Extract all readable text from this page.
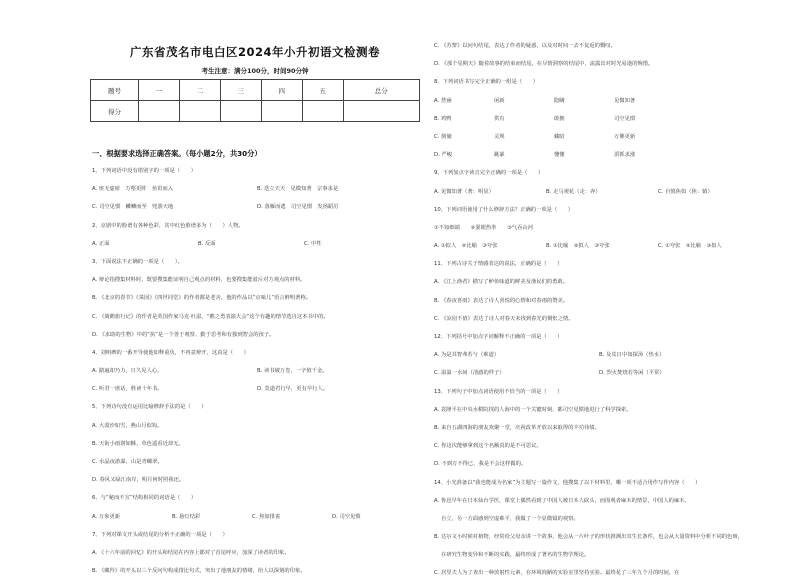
广东省茂名市电白区2024年小升初语文检测卷
考生注意：满分100分，时间90分钟
题号	一	二	三	四	五	总分
得分						
一、根据要求选择正确答案。（每小题2分，共30分）
1、下列词语中没有错别字的一项是（　　）
A. 座无虚席　万壑更阵　鱼贯而入	B. 迭立天天　见微知著　宗事求是
C. 司空见惯　鳞鳞而至　兜游天地	D. 落雁而逃　司空见惯　发扬蹈厉
2、京剧中的脸谱有各种色彩，其中红色脸谱多为（　　）人物。
A. 正面	B. 反面	C. 中性
3、下面说法不正确的一项是（　　）。
A. 辩论指搜集材料时，既要搜集能证明自己观点的材料，也要搜集能驳斥对方观点的材料。
B. 《北京的春节》《菜园》《四世同堂》的作者都是老舍，他的作品以“京味儿”语言鲜明著称。
C. 《骑鹅旅行记》的作者是英国作家马克·吐温，“鹅之勇表演大会”这个有趣的情节选自这本书中的。
D. 《求助的生物》中的“执”是一个善于观察、勤于思考和有独到智会的孩子。
4、刘明碑的一番开导使他如释重负，不再意辩开，这真是（　　）
A. 踏遍却乃力，日久见人心。	B. 读书破万卷，一字值千金。
C. 听君一席话，胜读十年书。	D. 莫道君行早，更有早行人。
5、下列诗句没有运用比喻修辞手法的是（　　）
A. 大漠沙如雪，燕山月似钩。
B. 天街小雨润如酥，草色遥看近却无。
C. 水晶夜游瀑，山是青螺翠。
D. 春风又绿江南岸，明月何时照我还。
6、与“秘而不宣”结构相同的词语是（　　）
A. 万象更新	B. 悬灯结彩	C. 焦如排雀	D. 司空见惯
7、下列对课文开头或结尾的分析不正确的一项是（　　）
A. 《十六年前的回忆》的开头和结尾在内容上都对了首尾呼应，加深了读者的印象。
B. 《藏羚》的开头以三个反问句构成排比句式，突出了他朋友的情绪，给人以深刻的印象。
C. 《苏黎》以问句结尾，表达了作者的疑惑，以及对时间一去不复返的慨叹。
D. 《那个星期天》随着故事的结束而结尾，在尽情洞察的结尾中，流露出对时光易逝的惋惜。
8、下列词语书写完全正确的一组是（　　）
A. 慧涵	闲新	隐瞒	见微知著
B. 鸡鸭	供有	敢拥	司空见惯
C. 倒储	灵规	藏暗	万佛更新
D. 严峻	跳暴	懂懂	滔抓求涨
9、下列加点字读音完全正确的一项是（　　）
A. 见微知著（著：明显）	B. 走马观花（走：奔）	C. 自慎焦如（焦：镇）
10、下列词语使用了什么修辞方法？正确的一项是（　　）
①不知细端　　②耍眼热拳　　③气吞山河
A. ①拟人　②比喻　③夸张	B. ①比喻　②拟人　③夸张	C. ①夸张　②比喻　③拟人
11、下列古诗关于情感表达的说法，正确的是（　　）
A. 《江上渔者》描写了鲈鱼味道的鲜美及渔民们的勇敢。
B. 《春夜喜雨》表达了诗人喜悦的心情和对春雨的赞美。
C. 《凉园不值》表达了诗人对春天未找到春光的惆怅之情。
12、下列括号中加点字词解释不正确的一项是（　　）
A. 为是其智弗若与（难道）	B. 及其日中如探汤（热水）
C. 温温一水间（清澈的样子）	D. 烈火焚烧若等闲（平常）
13、下列句子中加点词语使用不恰当的一项是（　　）
A. 袁隆平在中央水稻院找的人海中的一个关键时刻，都司空见惯地进行了科学探索。
B. 来自五湖四海的朋友欢聚一堂，庆祝改革开放以来取得的丰功伟绩。
C. 你这次能够拿到这个名额真的是不可思议。
D. 不到万不得已，我是不会这样做的。
14、小光准备以“我也能成为名家”为主题写一篇作文，他搜集了以下材料里，哪一项不适合用作写作内容（　　）
A. 鲁迅早年在日本仙台学医，课堂上偶然看到了中国人被日本人砍头，而围观者麻木的情景，中国人的麻木，
　 自立，另一方面感到空虚难平，我做了一个显微镜的观察。
B. 达尔文小时候对植物，经常给父母亲讲一个故事，他会从一片叶子的形状推测出其生长条件，也会从大量资料中分析不同的色斑，
　 在研究生物变异和不断的实践，最终形成了著名的生物学理论。
C. 居里夫人为了查出一种放射性元素，在环境简陋的实验室里坚持实验。最终花了三年九个月的时间，在
